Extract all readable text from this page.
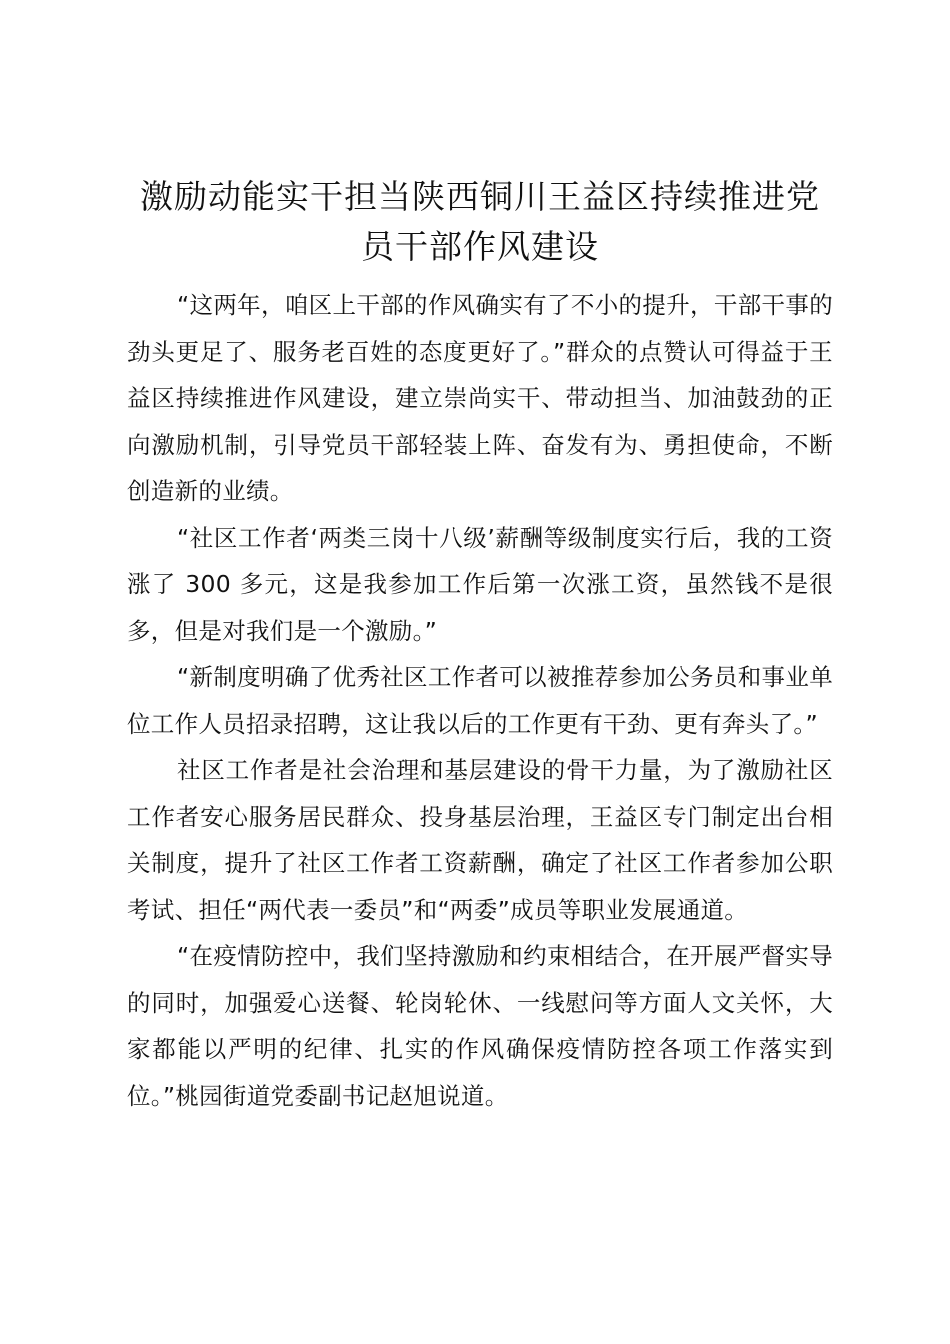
激励动能实干担当陕西铜川王益区持续推进党员干部作风建设

“这两年，咱区上干部的作风确实有了不小的提升，干部干事的劲头更足了、服务老百姓的态度更好了。”群众的点赞认可得益于王益区持续推进作风建设，建立崇尚实干、带动担当、加油鼓劲的正向激励机制，引导党员干部轻装上阵、奋发有为、勇担使命，不断创造新的业绩。

“社区工作者‘两类三岗十八级’薪酬等级制度实行后，我的工资涨了 300 多元，这是我参加工作后第一次涨工资，虽然钱不是很多，但是对我们是一个激励。”

“新制度明确了优秀社区工作者可以被推荐参加公务员和事业单位工作人员招录招聘，这让我以后的工作更有干劲、更有奔头了。”

社区工作者是社会治理和基层建设的骨干力量，为了激励社区工作者安心服务居民群众、投身基层治理，王益区专门制定出台相关制度，提升了社区工作者工资薪酬，确定了社区工作者参加公职考试、担任“两代表一委员”和“两委”成员等职业发展通道。

“在疫情防控中，我们坚持激励和约束相结合，在开展严督实导的同时，加强爱心送餐、轮岗轮休、一线慰问等方面人文关怀，大家都能以严明的纪律、扎实的作风确保疫情防控各项工作落实到位。”桃园街道党委副书记赵旭说道。
